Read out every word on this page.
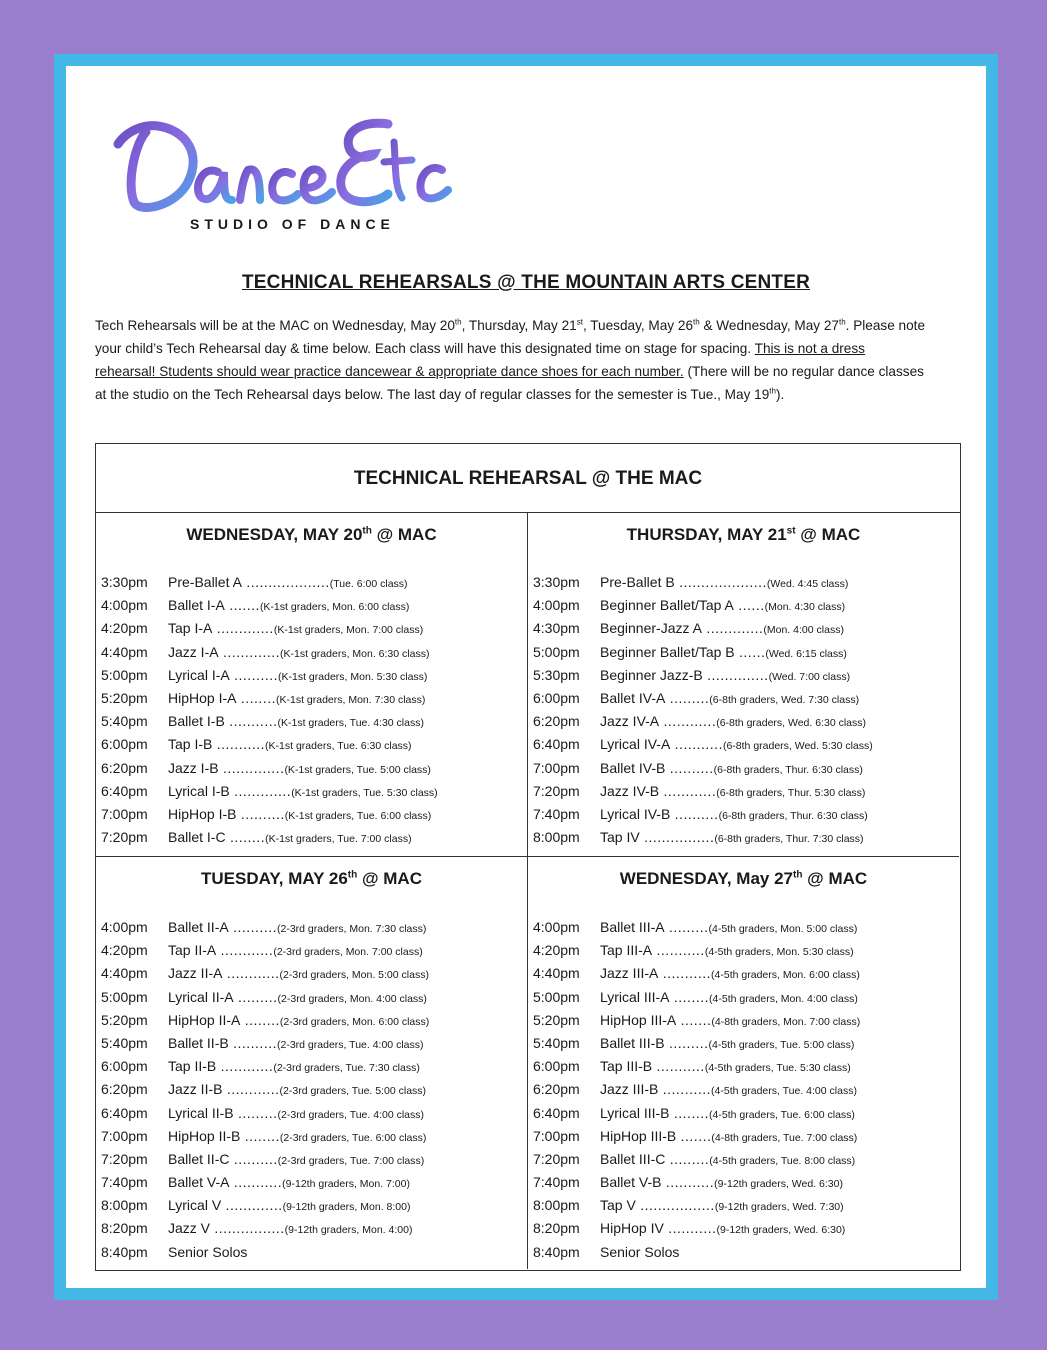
STUDIO OF DANCE
TECHNICAL REHEARSALS @ THE MOUNTAIN ARTS CENTER
Tech Rehearsals will be at the MAC on Wednesday, May 20th, Thursday, May 21st, Tuesday, May 26th & Wednesday, May 27th. Please note your child’s Tech Rehearsal day & time below. Each class will have this designated time on stage for spacing. This is not a dress rehearsal! Students should wear practice dancewear & appropriate dance shoes for each number. (There will be no regular dance classes at the studio on the Tech Rehearsal days below. The last day of regular classes for the semester is Tue., May 19th).
TECHNICAL REHEARSAL @ THE MAC
WEDNESDAY, MAY 20th @ MAC
3:30pm Pre-Ballet A ...................(Tue. 6:00 class)
4:00pm Ballet I-A .......(K-1st graders, Mon. 6:00 class)
4:20pm Tap I-A .............(K-1st graders, Mon. 7:00 class)
4:40pm Jazz I-A .............(K-1st graders, Mon. 6:30 class)
5:00pm Lyrical I-A ..........(K-1st graders, Mon. 5:30 class)
5:20pm HipHop I-A ........(K-1st graders, Mon. 7:30 class)
5:40pm Ballet I-B ...........(K-1st graders, Tue. 4:30 class)
6:00pm Tap I-B ...........(K-1st graders, Tue. 6:30 class)
6:20pm Jazz I-B ..............(K-1st graders, Tue. 5:00 class)
6:40pm Lyrical I-B .............(K-1st graders, Tue. 5:30 class)
7:00pm HipHop I-B ..........(K-1st graders, Tue. 6:00 class)
7:20pm Ballet I-C ........(K-1st graders, Tue. 7:00 class)
THURSDAY, MAY 21st @ MAC
3:30pm Pre-Ballet B ....................(Wed. 4:45 class)
4:00pm Beginner Ballet/Tap A ......(Mon. 4:30 class)
4:30pm Beginner-Jazz A .............(Mon. 4:00 class)
5:00pm Beginner Ballet/Tap B ......(Wed. 6:15 class)
5:30pm Beginner Jazz-B ..............(Wed. 7:00 class)
6:00pm Ballet IV-A .........(6-8th graders, Wed. 7:30 class)
6:20pm Jazz IV-A ............(6-8th graders, Wed. 6:30 class)
6:40pm Lyrical IV-A ...........(6-8th graders, Wed. 5:30 class)
7:00pm Ballet IV-B ..........(6-8th graders, Thur. 6:30 class)
7:20pm Jazz IV-B ............(6-8th graders, Thur. 5:30 class)
7:40pm Lyrical IV-B ..........(6-8th graders, Thur. 6:30 class)
8:00pm Tap IV ................(6-8th graders, Thur. 7:30 class)
TUESDAY, MAY 26th @ MAC
4:00pm Ballet II-A ..........(2-3rd graders, Mon. 7:30 class)
4:20pm Tap II-A ............(2-3rd graders, Mon. 7:00 class)
4:40pm Jazz II-A ............(2-3rd graders, Mon. 5:00 class)
5:00pm Lyrical II-A .........(2-3rd graders, Mon. 4:00 class)
5:20pm HipHop II-A ........(2-3rd graders, Mon. 6:00 class)
5:40pm Ballet II-B ..........(2-3rd graders, Tue. 4:00 class)
6:00pm Tap II-B ............(2-3rd graders, Tue. 7:30 class)
6:20pm Jazz II-B ............(2-3rd graders, Tue. 5:00 class)
6:40pm Lyrical II-B .........(2-3rd graders, Tue. 4:00 class)
7:00pm HipHop II-B ........(2-3rd graders, Tue. 6:00 class)
7:20pm Ballet II-C ..........(2-3rd graders, Tue. 7:00 class)
7:40pm Ballet V-A ...........(9-12th graders, Mon. 7:00)
8:00pm Lyrical V .............(9-12th graders, Mon. 8:00)
8:20pm Jazz V ................(9-12th graders, Mon. 4:00)
8:40pm Senior Solos
WEDNESDAY, May 27th @ MAC
4:00pm Ballet III-A .........(4-5th graders, Mon. 5:00 class)
4:20pm Tap III-A ...........(4-5th graders, Mon. 5:30 class)
4:40pm Jazz III-A ...........(4-5th graders, Mon. 6:00 class)
5:00pm Lyrical III-A ........(4-5th graders, Mon. 4:00 class)
5:20pm HipHop III-A .......(4-8th graders, Mon. 7:00 class)
5:40pm Ballet III-B .........(4-5th graders, Tue. 5:00 class)
6:00pm Tap III-B ...........(4-5th graders, Tue. 5:30 class)
6:20pm Jazz III-B ...........(4-5th graders, Tue. 4:00 class)
6:40pm Lyrical III-B ........(4-5th graders, Tue. 6:00 class)
7:00pm HipHop III-B .......(4-8th graders, Tue. 7:00 class)
7:20pm Ballet III-C .........(4-5th graders, Tue. 8:00 class)
7:40pm Ballet V-B ...........(9-12th graders, Wed. 6:30)
8:00pm Tap V .................(9-12th graders, Wed. 7:30)
8:20pm HipHop IV ...........(9-12th graders, Wed. 6:30)
8:40pm Senior Solos
